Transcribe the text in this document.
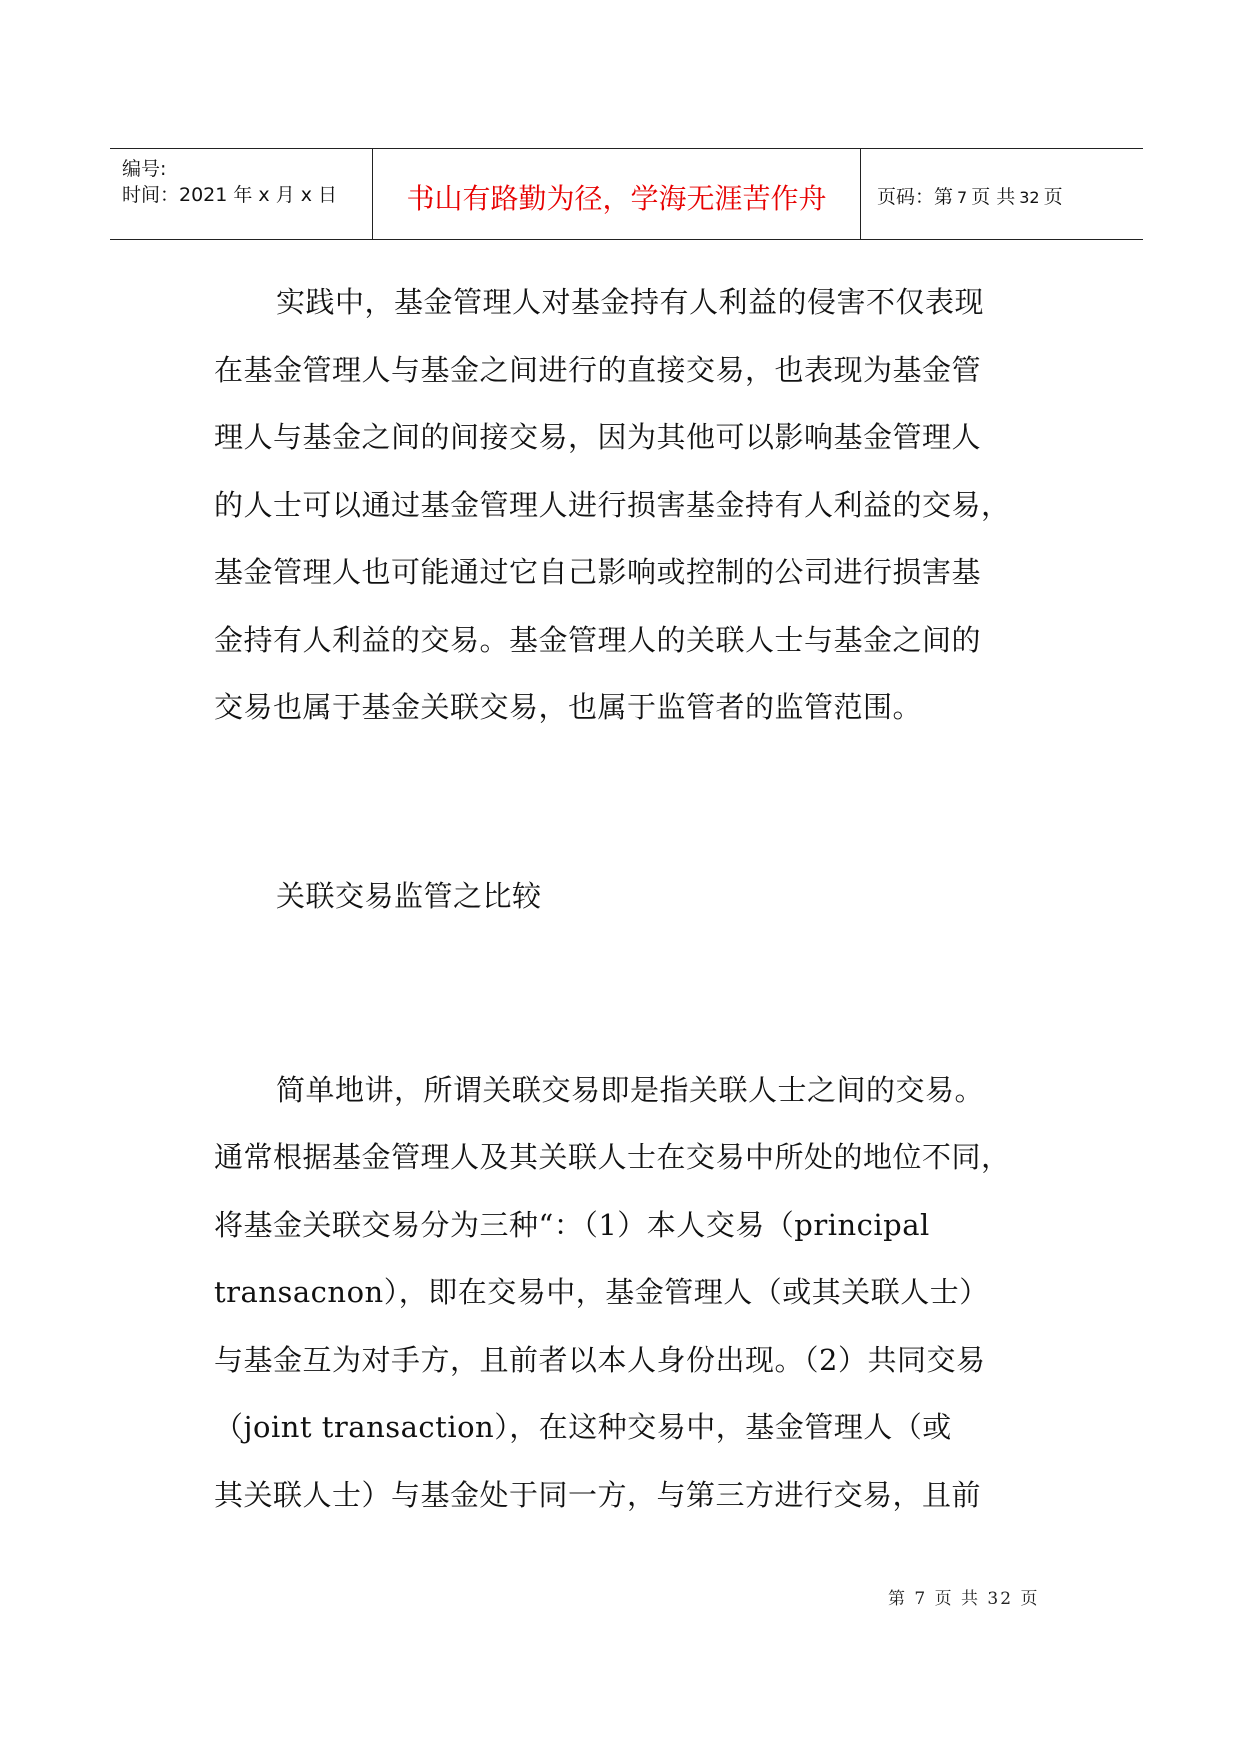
编号:
时间：2021 年 x 月 x 日	书山有路勤为径，学海无涯苦作舟	页码：第 7 页 共 32 页
实践中，基金管理人对基金持有人利益的侵害不仅表现
在基金管理人与基金之间进行的直接交易，也表现为基金管
理人与基金之间的间接交易，因为其他可以影响基金管理人
的人士可以通过基金管理人进行损害基金持有人利益的交易，
基金管理人也可能通过它自己影响或控制的公司进行损害基
金持有人利益的交易。基金管理人的关联人士与基金之间的
交易也属于基金关联交易，也属于监管者的监管范围。
关联交易监管之比较
简单地讲，所谓关联交易即是指关联人士之间的交易。
通常根据基金管理人及其关联人士在交易中所处的地位不同，
将基金关联交易分为三种“：（1）本人交易（principal
transacnon），即在交易中，基金管理人（或其关联人士）
与基金互为对手方，且前者以本人身份出现。（2）共同交易
（joint transaction），在这种交易中，基金管理人（或
其关联人士）与基金处于同一方，与第三方进行交易，且前
第 7 页 共 32 页
